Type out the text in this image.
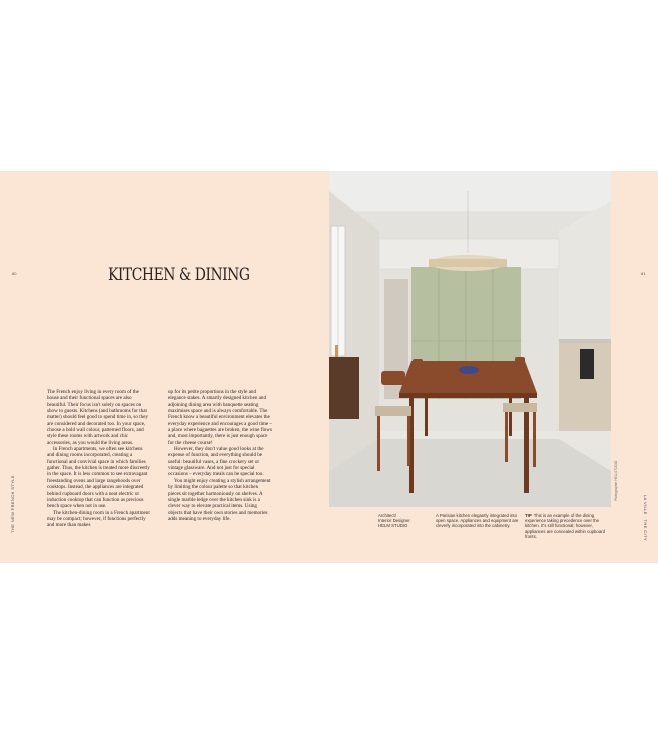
80	81
THE NEW FRENCH STYLE	LA VILLE · THE CITY
KITCHEN & DINING

The French enjoy living in every room of the house and their functional spaces are also beautiful. Their focus isn't solely on spaces on show to guests. Kitchens (and bathrooms for that matter) should feel good to spend time in, so they are considered and decorated too. In your space, choose a bold wall colour, patterned floors, and style these rooms with artwork and chic accessories, as you would the living areas.

In French apartments, we often see kitchens and dining rooms incorporated, creating a functional and convivial space in which families gather. Thus, the kitchen is treated more discreetly in the space. It is less common to see extravagant freestanding ovens and large rangehoods over cooktops. Instead, the appliances are integrated behind cupboard doors with a neat electric or induction cooktop that can function as precious bench space when not in use.

The kitchen-dining room in a French apartment may be compact; however, if functions perfectly and more than makes

up for its petite proportions in the style and elegance stakes. A smartly designed kitchen and adjoining dining area with banquette seating maximises space and is always comfortable. The French know a beautiful environment elevates the everyday experience and encourages a good time – a place where baguettes are broken, the wine flows and, most importantly, there is just enough space for the cheese course!

However, they don't value good looks at the expense of function, and everything should be useful: beautiful vases, a fine crockery set or vintage glassware. And not just for special occasions – everyday meals can be special too.

You might enjoy creating a stylish arrangement by limiting the colour palette so that kitchen pieces sit together harmoniously on shelves. A single marble ledge over the kitchen sink is a clever way to elevate practical items. Using objects that have their own stories and memories adds meaning to everyday life.

Photographer HELLSTUDIO

Architect/
Interior Designer
HELM STUDIO

A Parisian kitchen elegantly integrated into open space. Appliances and equipment are cleverly incorporated into the cabinetry.

TIP This is an example of the dining experience taking precedence over the kitchen. It's still functional; however, appliances are concealed within cupboard fronts.
